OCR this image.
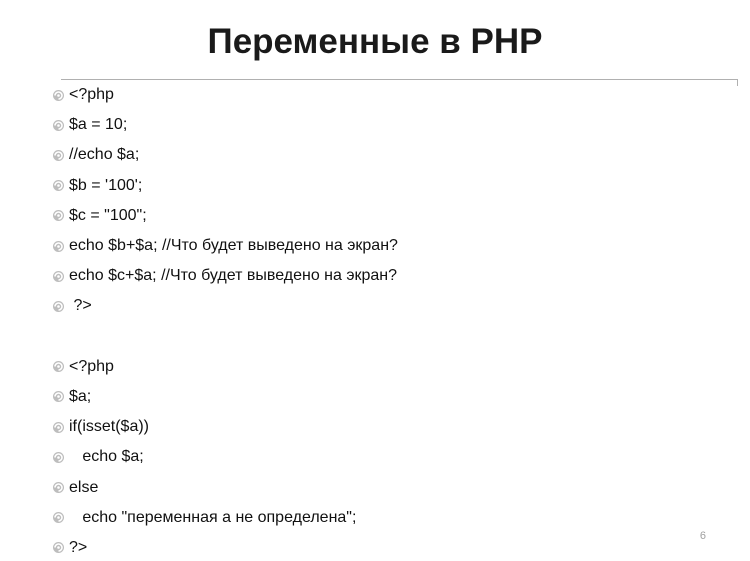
Переменные в PHP
<?php
$a = 10;
//echo $a;
$b = '100';
$c = "100";
echo $b+$a; //Что будет выведено на экран?
echo $c+$a; //Что будет выведено на экран?
?>
<?php
$a;
if(isset($a))
echo $a;
else
echo "переменная а не определена";
?>
6
